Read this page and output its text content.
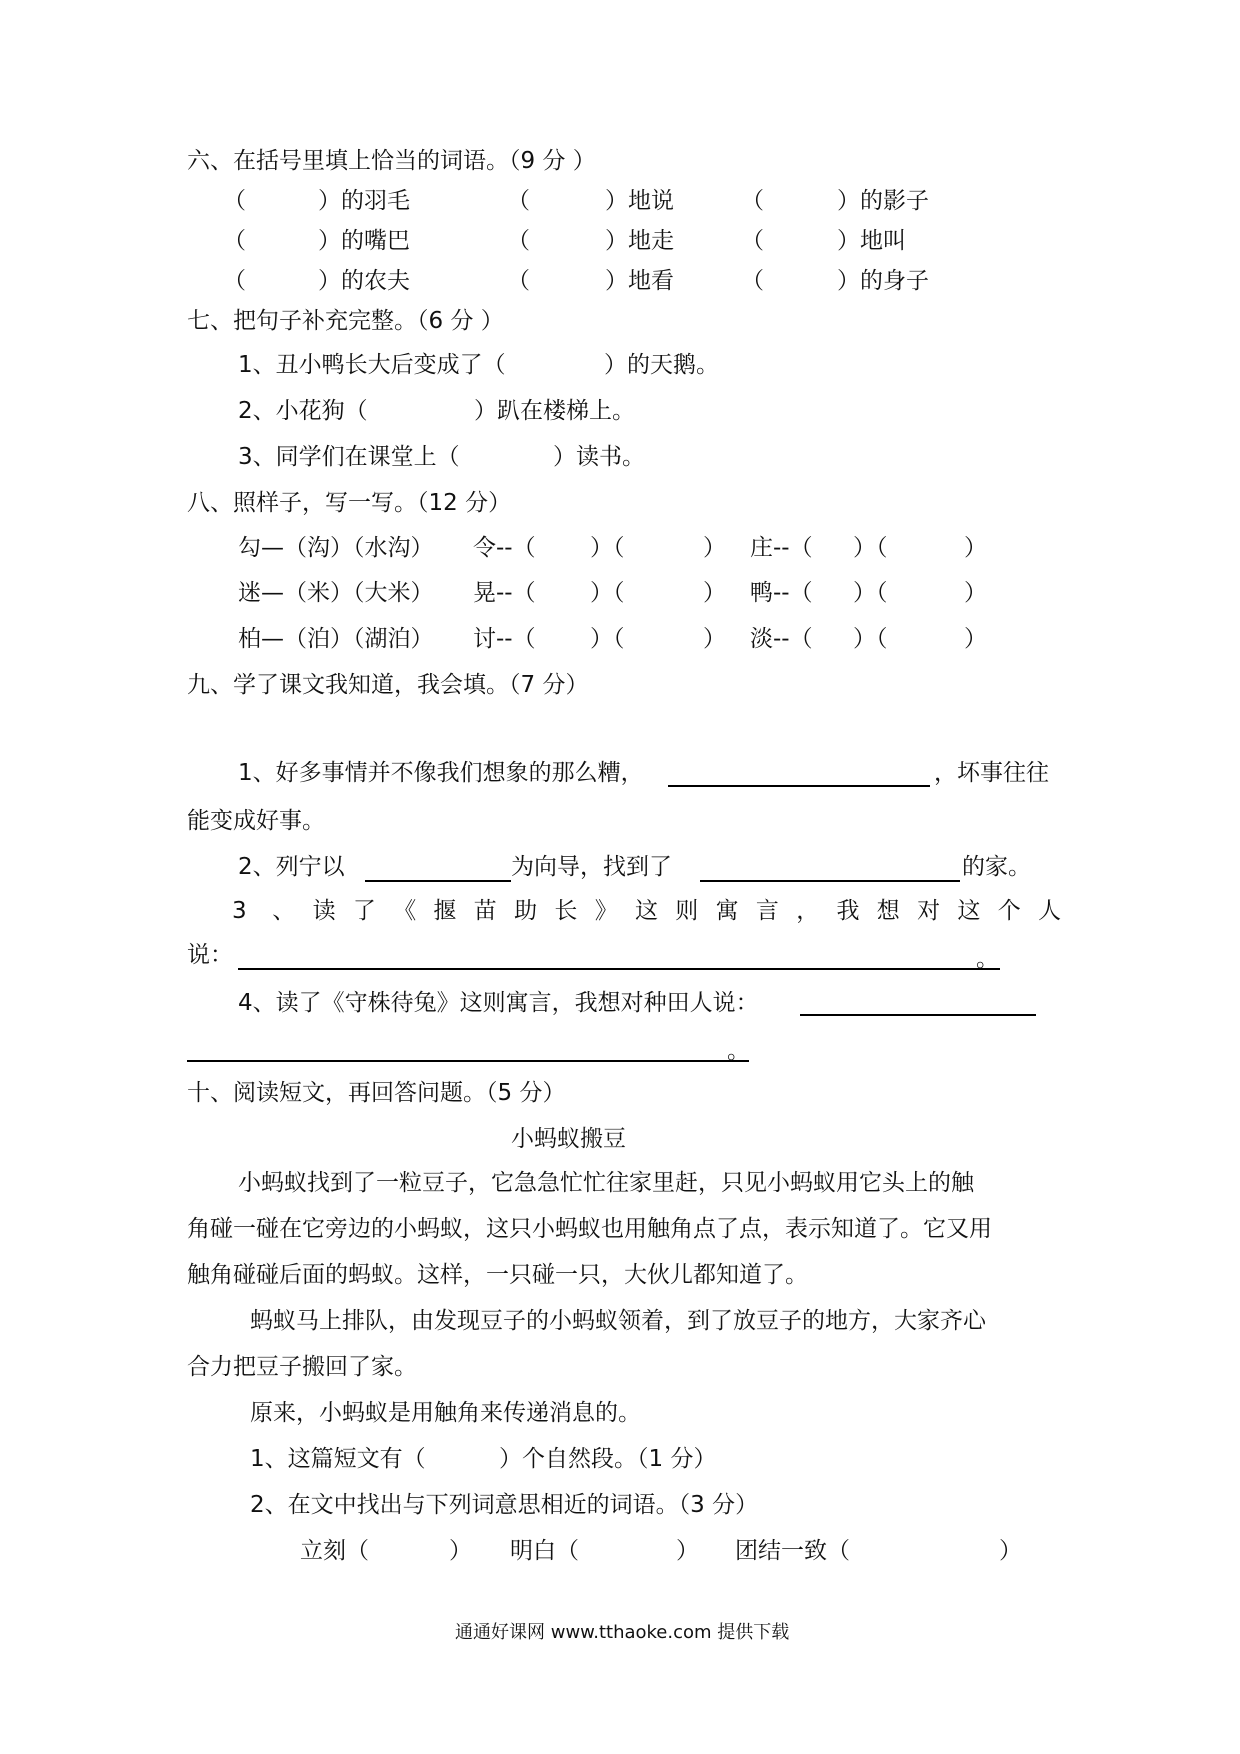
六、在括号里填上恰当的词语。（9 分 ）
（	）的羽毛	（	）地说	（	）的影子
（	）的嘴巴	（	）地走	（	）地叫
（	）的农夫	（	）地看	（	）的身子
七、把句子补充完整。（6 分 ）
1、丑小鸭长大后变成了（	）的天鹅。
2、小花狗（	）趴在楼梯上。
3、同学们在课堂上（	）读书。
八、照样子，写一写。（12 分）
勾—（沟）（水沟） 令--（ ）（	） 庄--（ ）（	）
迷—（米）（大米） 晃--（ ）（	） 鸭--（ ）（	）
柏—（泊）（湖泊） 讨--（ ）（	） 淡--（ ）（	）
九、学了课文我知道，我会填。（7 分）
1、好多事情并不像我们想象的那么糟，	，坏事往往
能变成好事。
2、列宁以	为向导，找到了	的家。
3 、 读 了 《 揠 苗 助 长 》 这 则 寓 言 ， 我 想 对 这 个 人
说：	。
4、读了《守株待兔》这则寓言，我想对种田人说：
。
十、阅读短文，再回答问题。（5 分）
小蚂蚁搬豆
小蚂蚁找到了一粒豆子，它急急忙忙往家里赶，只见小蚂蚁用它头上的触
角碰一碰在它旁边的小蚂蚁，这只小蚂蚁也用触角点了点，表示知道了。它又用
触角碰碰后面的蚂蚁。这样，一只碰一只，大伙儿都知道了。
蚂蚁马上排队，由发现豆子的小蚂蚁领着，到了放豆子的地方，大家齐心
合力把豆子搬回了家。
原来，小蚂蚁是用触角来传递消息的。
1、这篇短文有（	）个自然段。（1 分）
2、在文中找出与下列词意思相近的词语。（3 分）
立刻（	） 明白（	） 团结一致（	）
通通好课网 www.tthaoke.com 提供下载
